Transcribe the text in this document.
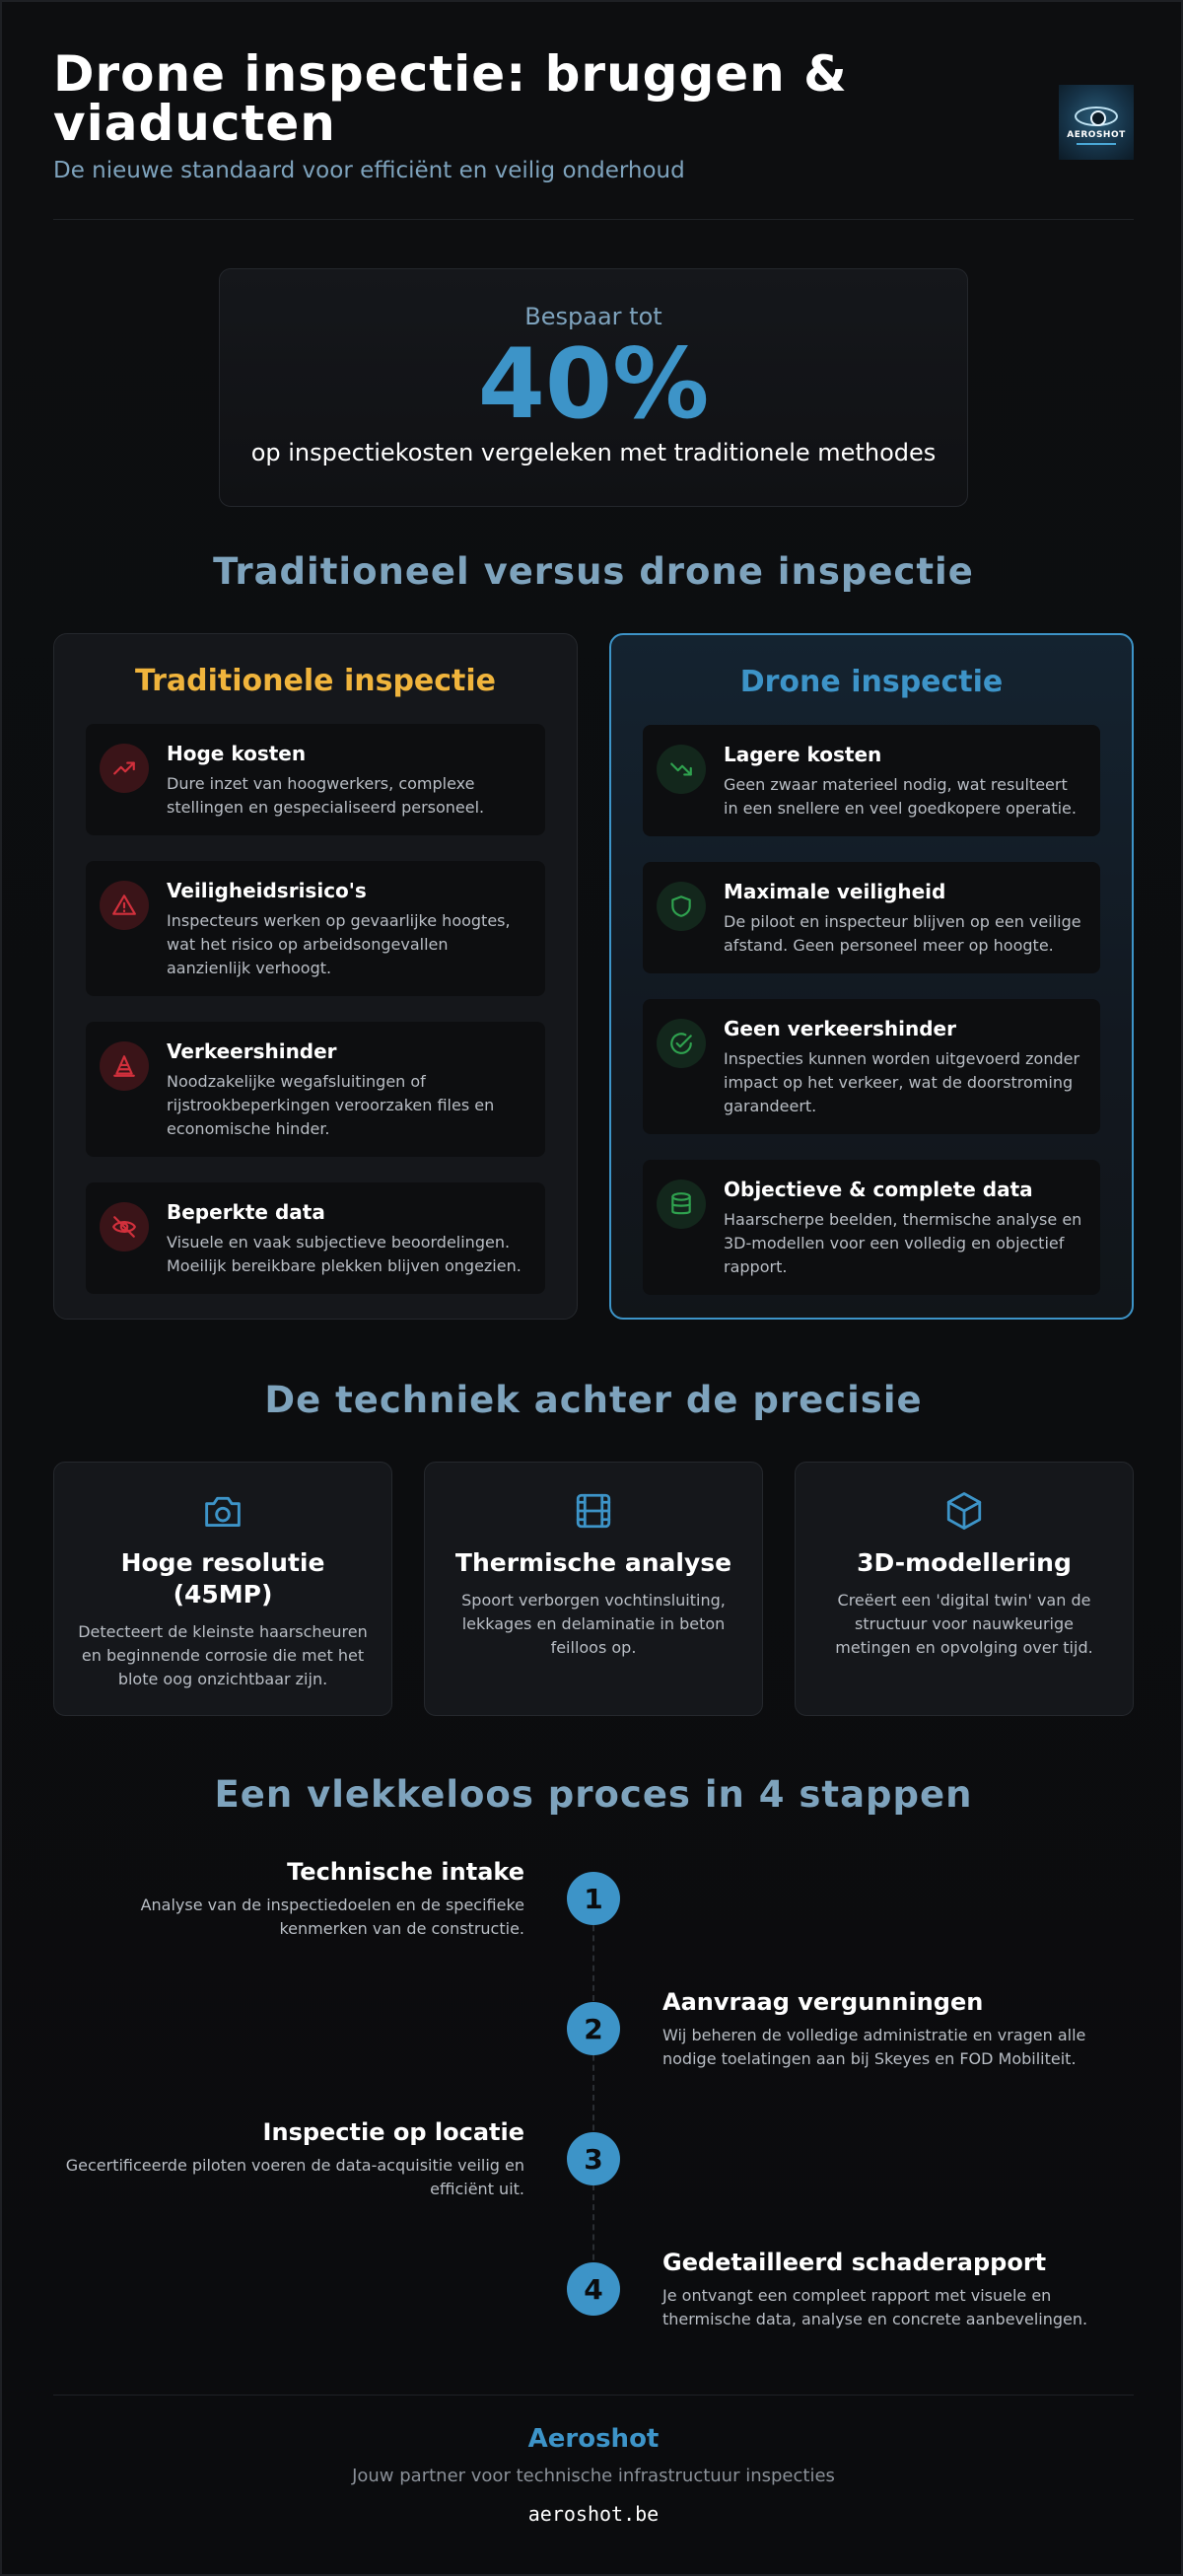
Drone inspectie: bruggen & viaducten
De nieuwe standaard voor efficiënt en veilig onderhoud
AEROSHOT
Bespaar tot
40%
op inspectiekosten vergeleken met traditionele methodes
Traditioneel versus drone inspectie
Traditionele inspectie
Hoge kosten
Dure inzet van hoogwerkers, complexe stellingen en gespecialiseerd personeel.
Veiligheidsrisico's
Inspecteurs werken op gevaarlijke hoogtes, wat het risico op arbeidsongevallen aanzienlijk verhoogt.
Verkeershinder
Noodzakelijke wegafsluitingen of rijstrookbeperkingen veroorzaken files en economische hinder.
Beperkte data
Visuele en vaak subjectieve beoordelingen. Moeilijk bereikbare plekken blijven ongezien.
Drone inspectie
Lagere kosten
Geen zwaar materieel nodig, wat resulteert in een snellere en veel goedkopere operatie.
Maximale veiligheid
De piloot en inspecteur blijven op een veilige afstand. Geen personeel meer op hoogte.
Geen verkeershinder
Inspecties kunnen worden uitgevoerd zonder impact op het verkeer, wat de doorstroming garandeert.
Objectieve & complete data
Haarscherpe beelden, thermische analyse en 3D-modellen voor een volledig en objectief rapport.
De techniek achter de precisie
Hoge resolutie (45MP)
Detecteert de kleinste haarscheuren en beginnende corrosie die met het blote oog onzichtbaar zijn.
Thermische analyse
Spoort verborgen vochtinsluiting, lekkages en delaminatie in beton feilloos op.
3D-modellering
Creëert een 'digital twin' van de structuur voor nauwkeurige metingen en opvolging over tijd.
Een vlekkeloos proces in 4 stappen
1
Technische intake
Analyse van de inspectiedoelen en de specifieke kenmerken van de constructie.
2
Aanvraag vergunningen
Wij beheren de volledige administratie en vragen alle nodige toelatingen aan bij Skeyes en FOD Mobiliteit.
3
Inspectie op locatie
Gecertificeerde piloten voeren de data-acquisitie veilig en efficiënt uit.
4
Gedetailleerd schaderapport
Je ontvangt een compleet rapport met visuele en thermische data, analyse en concrete aanbevelingen.
Aeroshot
Jouw partner voor technische infrastructuur inspecties
aeroshot.be
